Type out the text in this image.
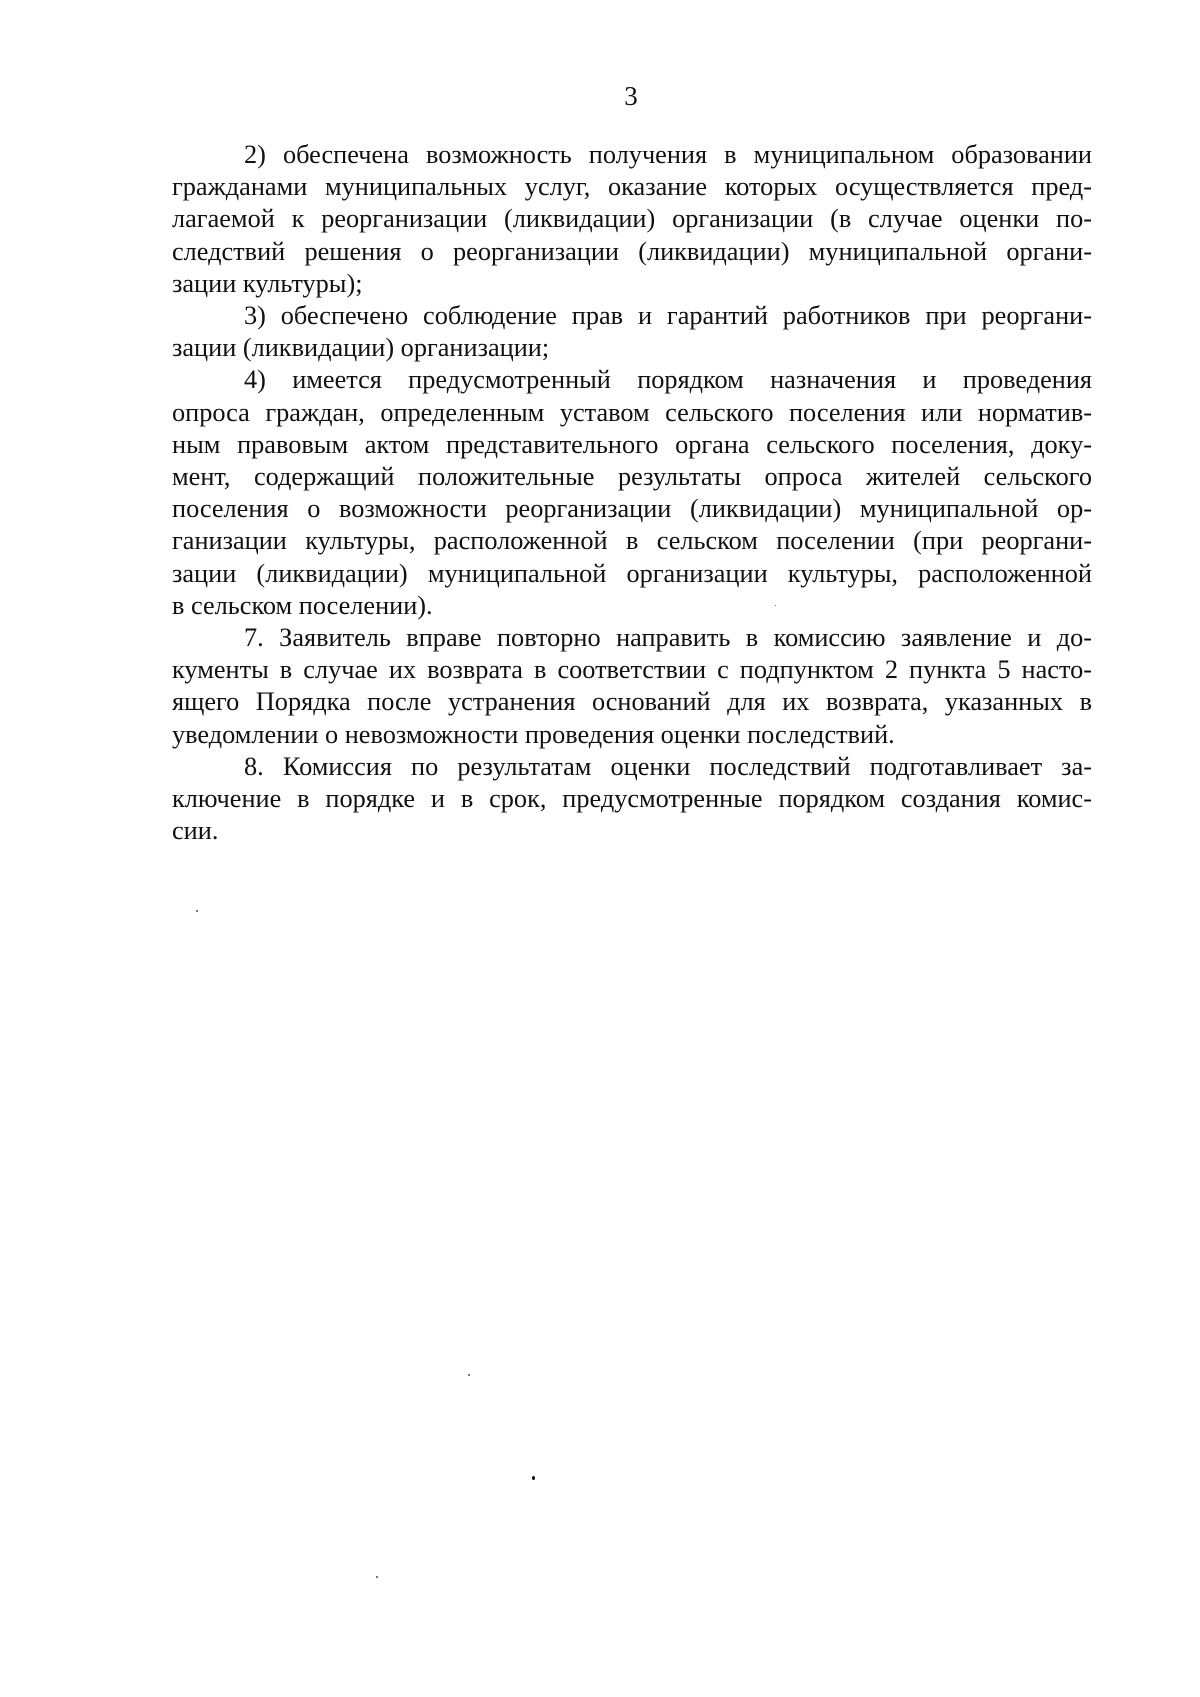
3

2) обеспечена возможность получения в муниципальном образовании
гражданами муниципальных услуг, оказание которых осуществляется пред-
лагаемой к реорганизации (ликвидации) организации (в случае оценки по-
следствий решения о реорганизации (ликвидации) муниципальной органи-
зации культуры);

3) обеспечено соблюдение прав и гарантий работников при реоргани-
зации (ликвидации) организации;

4) имеется предусмотренный порядком назначения и проведения
опроса граждан, определенным уставом сельского поселения или норматив-
ным правовым актом представительного органа сельского поселения, доку-
мент, содержащий положительные результаты опроса жителей сельского
поселения о возможности реорганизации (ликвидации) муниципальной ор-
ганизации культуры, расположенной в сельском поселении (при реоргани-
зации (ликвидации) муниципальной организации культуры, расположенной
в сельском поселении).

7. Заявитель вправе повторно направить в комиссию заявление и до-
кументы в случае их возврата в соответствии с подпунктом 2 пункта 5 насто-
ящего Порядка после устранения оснований для их возврата, указанных в
уведомлении о невозможности проведения оценки последствий.

8. Комиссия по результатам оценки последствий подготавливает за-
ключение в порядке и в срок, предусмотренные порядком создания комис-
сии.
